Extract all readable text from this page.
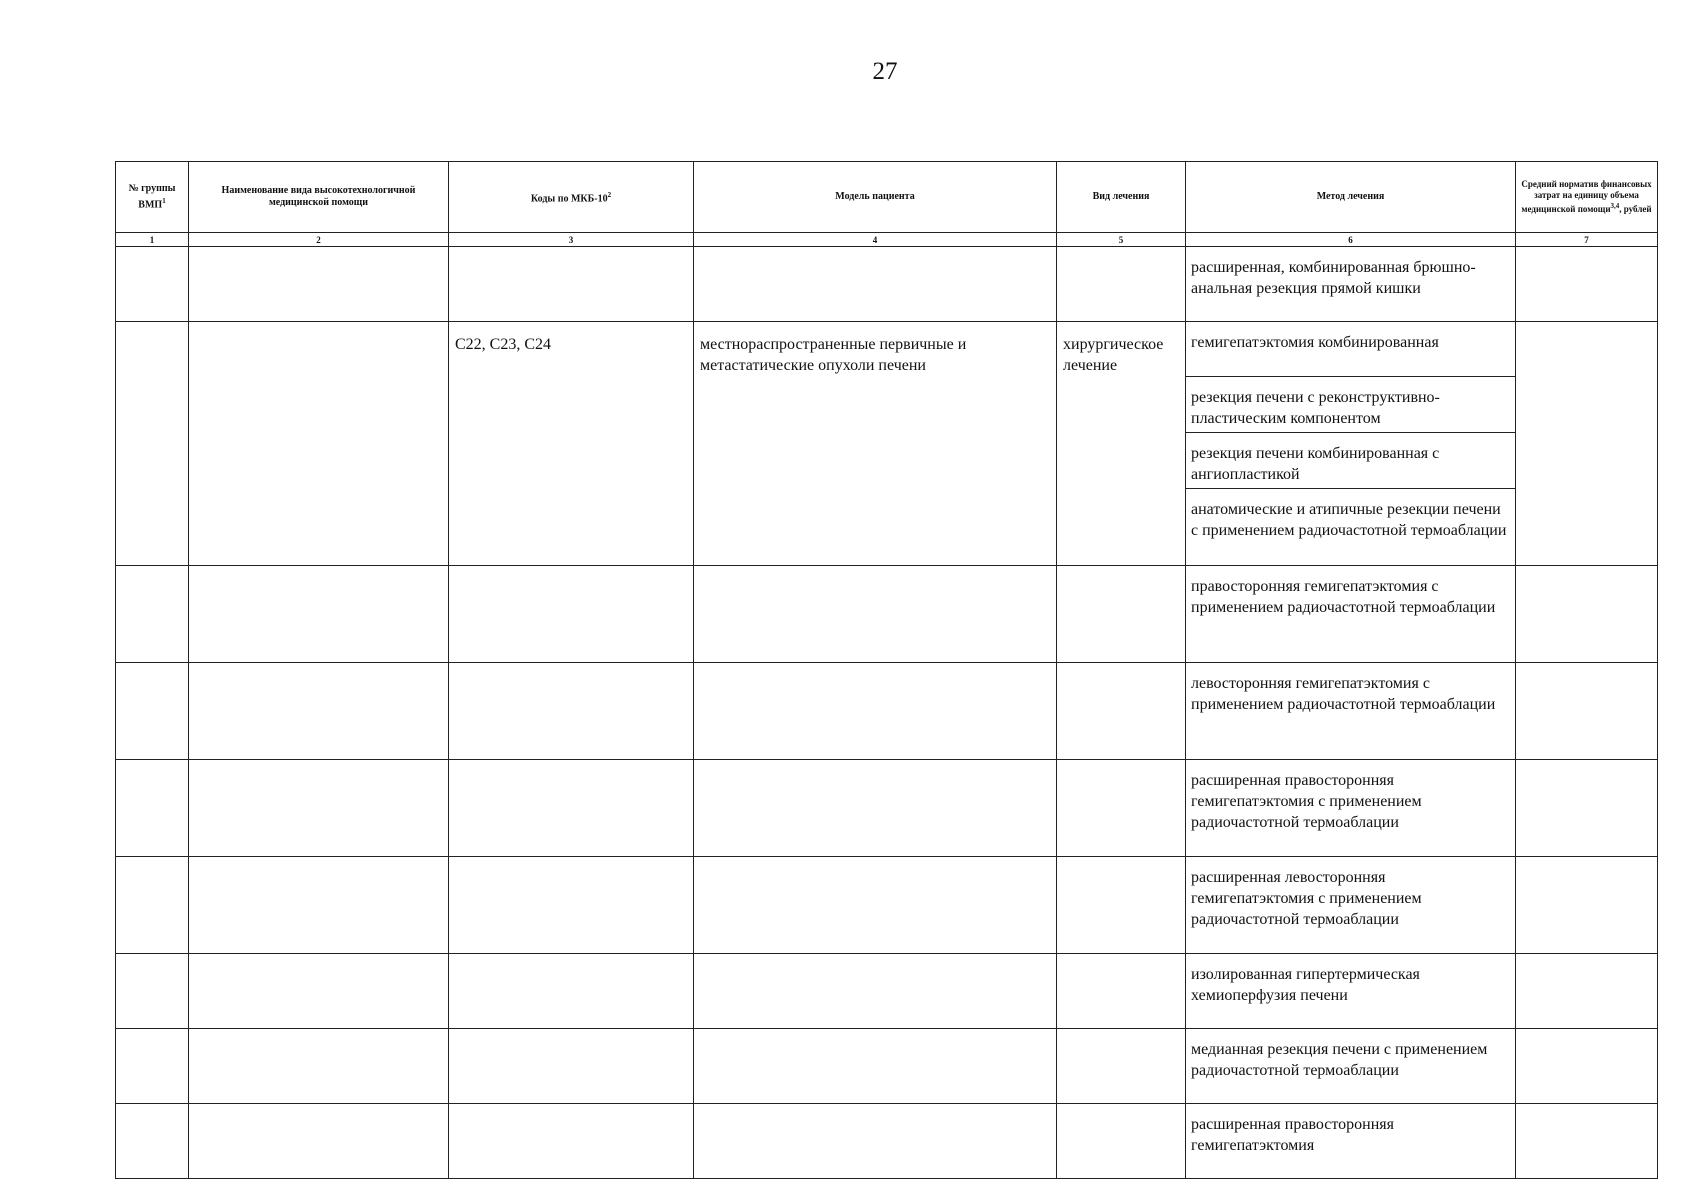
27
№ группы ВМП$^1$	Наименование вида высокотехнологичной медицинской помощи	Коды по МКБ-$10^2$	Модель пациента	Вид лечения	Метод лечения	Средний норматив финансовых затрат на единицу объема медицинской помощи$^{3,4}$, рублей
1	2	3	4	5	6	7
					расширенная, комбинированная брюшно-анальная резекция прямой кишки	
		C22, C23, C24	местнораспространенные первичные и метастатические опухоли печени	хирургическое лечение	гемигепатэктомия комбинированная	
					резекция печени с реконструктивно-пластическим компонентом	
					резекция печени комбинированная с ангиопластикой	
					анатомические и атипичные резекции печени с применением радиочастотной термоаблации	
					правосторонняя гемигепатэктомия с применением радиочастотной термоаблации	
					левосторонняя гемигепатэктомия с применением радиочастотной термоаблации	
					расширенная правосторонняя гемигепатэктомия с применением радиочастотной термоаблации	
					расширенная левосторонняя гемигепатэктомия с применением радиочастотной термоаблации	
					изолированная гипертермическая хемиоперфузия печени	
					медианная резекция печени с применением радиочастотной термоаблации	
					расширенная правосторонняя гемигепатэктомия	
